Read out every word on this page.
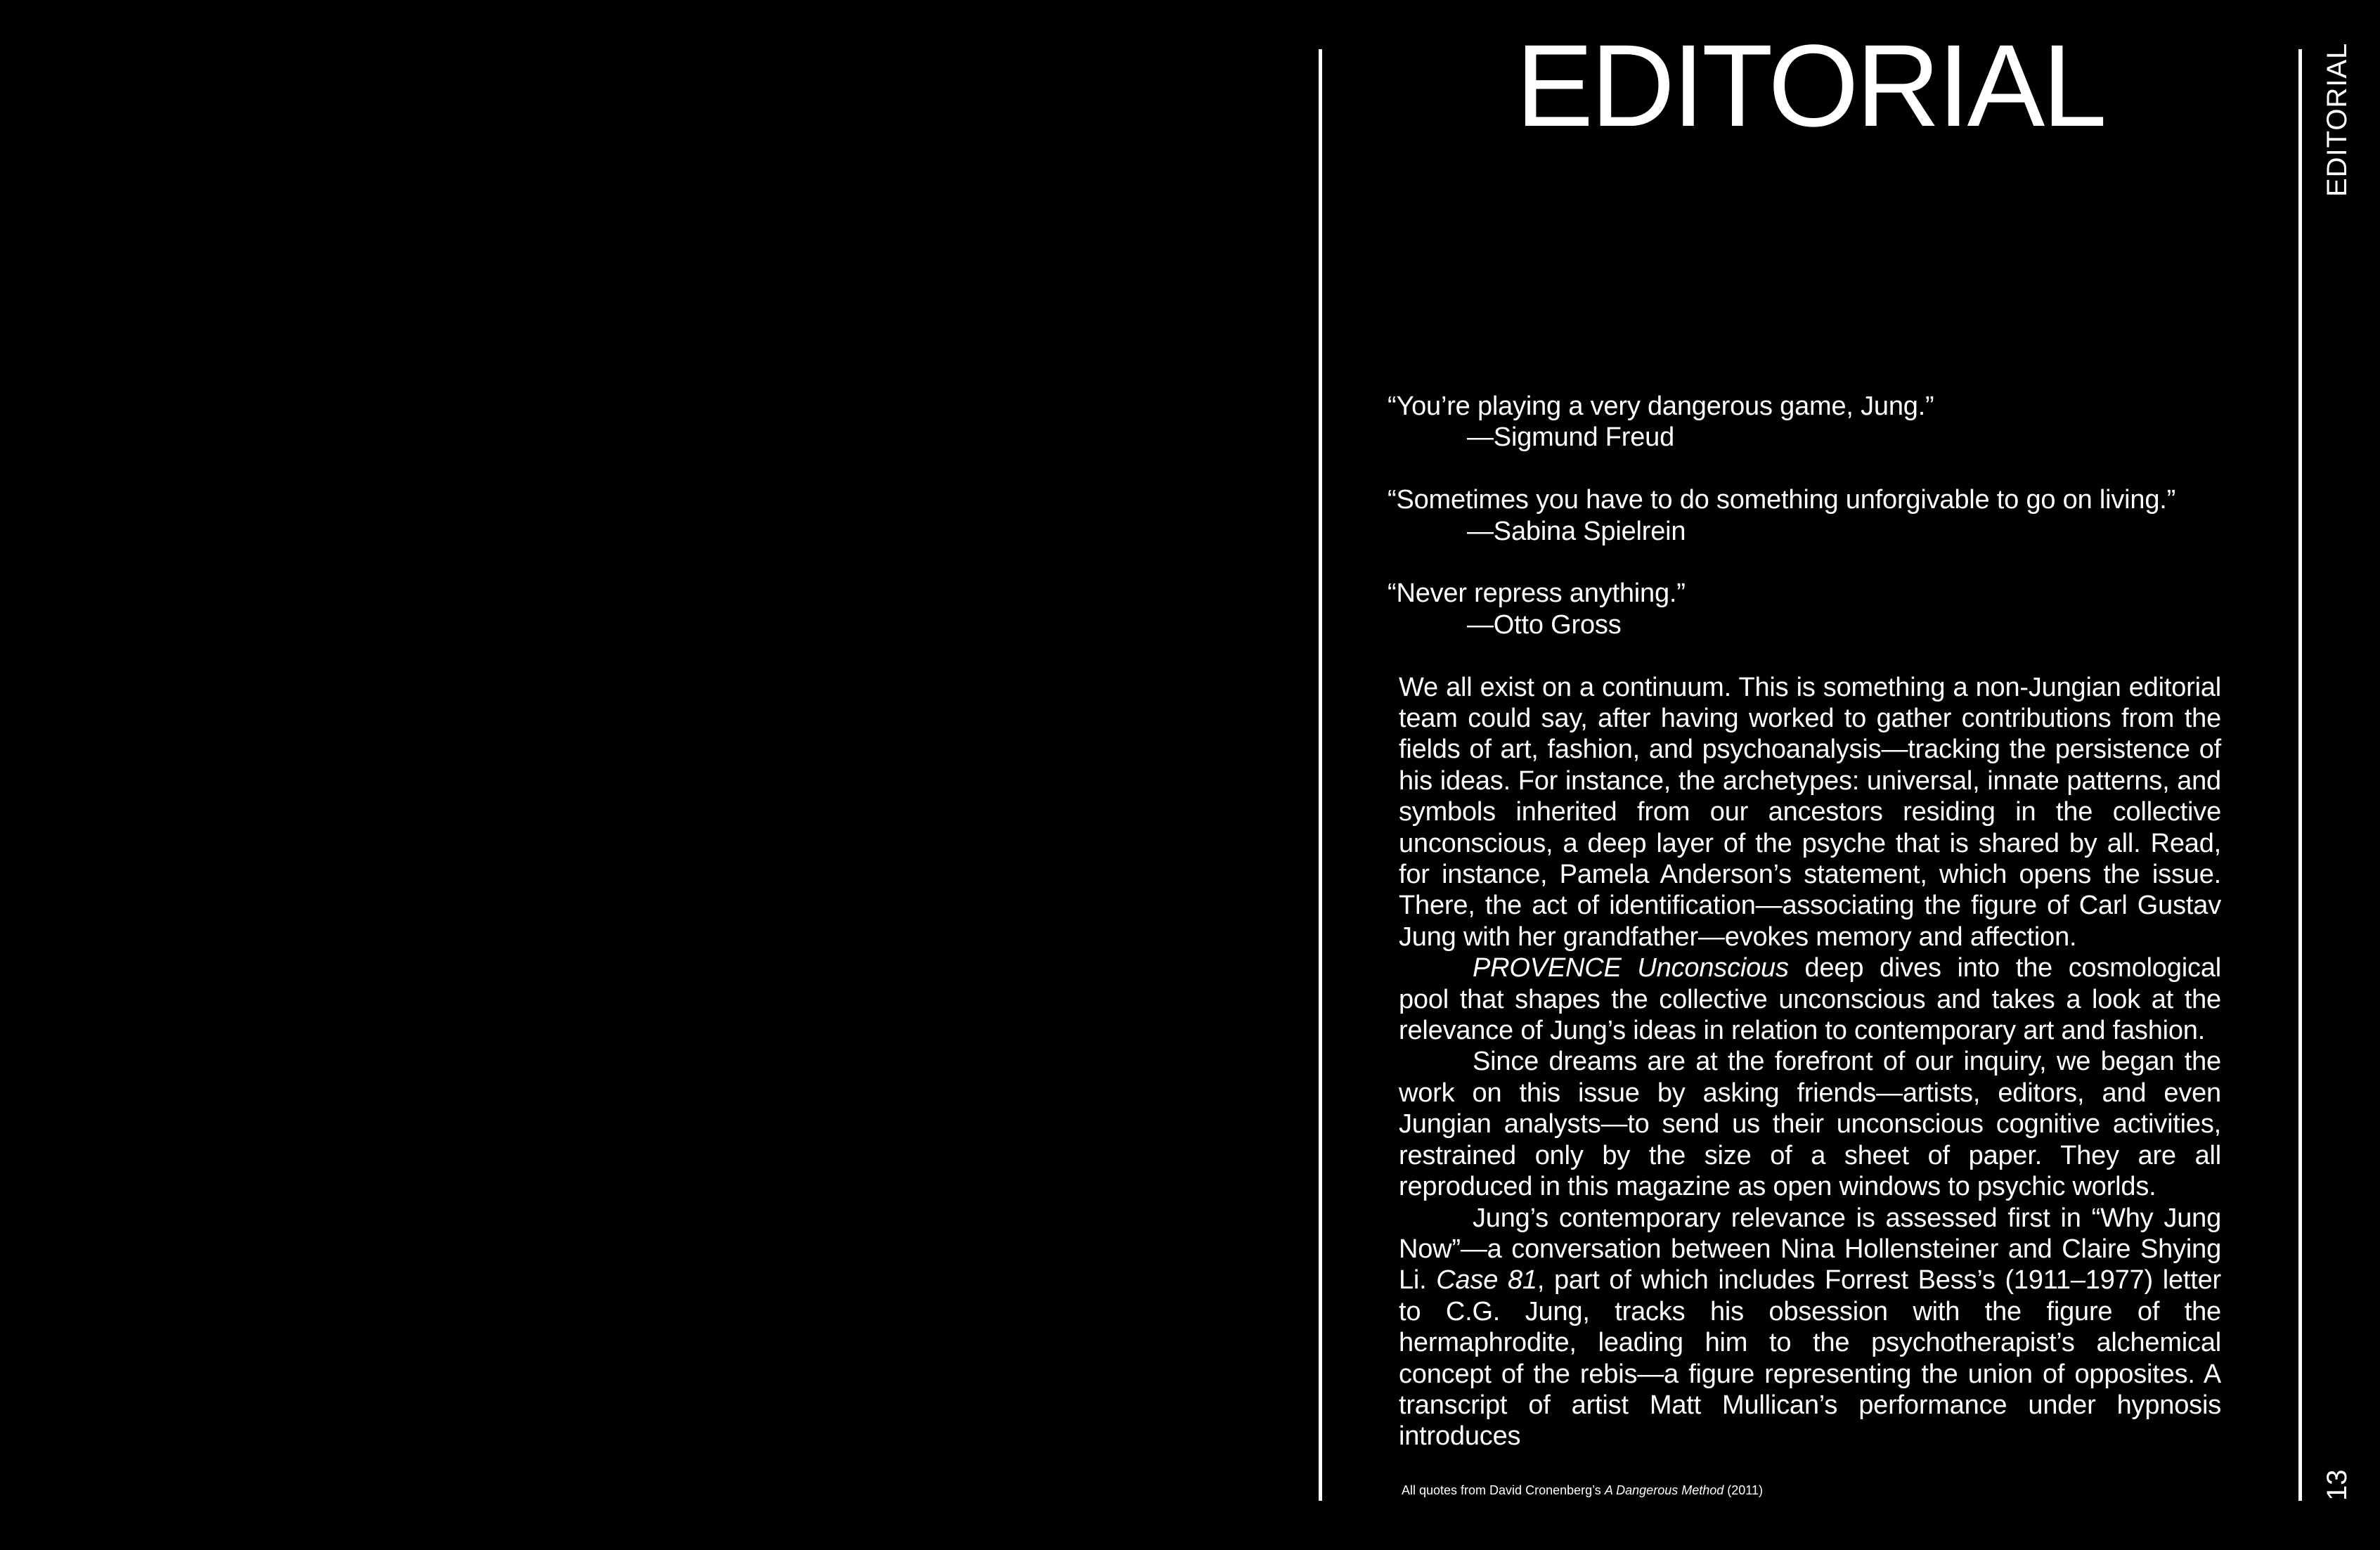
EDITORIAL	EDITORIAL
13

“You’re playing a very dangerous game, Jung.”
—Sigmund Freud

“Sometimes you have to do something unforgivable to go on living.”
—Sabina Spielrein

“Never repress anything.”
—Otto Gross

We all exist on a continuum. This is something a non-Jungian editorial team could say, after having worked to gather contributions from the fields of art, fashion, and psychoanalysis—tracking the persistence of his ideas. For instance, the archetypes: universal, innate patterns, and symbols inherited from our ancestors residing in the collective unconscious, a deep layer of the psyche that is shared by all. Read, for instance, Pamela Anderson’s statement, which opens the issue. There, the act of identification—associating the figure of Carl Gustav Jung with her grandfather—evokes memory and affection.

PROVENCE Unconscious deep dives into the cosmological pool that shapes the collective unconscious and takes a look at the relevance of Jung’s ideas in relation to contemporary art and fashion.

Since dreams are at the forefront of our inquiry, we began the work on this issue by asking friends—artists, editors, and even Jungian analysts—to send us their unconscious cognitive activities, restrained only by the size of a sheet of paper. They are all reproduced in this magazine as open windows to psychic worlds.

Jung’s contemporary relevance is assessed first in “Why Jung Now”—a conversation between Nina Hollensteiner and Claire Shying Li. Case 81, part of which includes Forrest Bess’s (1911–1977) letter to C.G. Jung, tracks his obsession with the figure of the hermaphrodite, leading him to the psychotherapist’s alchemical concept of the rebis—a figure representing the union of opposites. A transcript of artist Matt Mullican’s performance under hypnosis introduces

All quotes from David Cronenberg’s A Dangerous Method (2011)
